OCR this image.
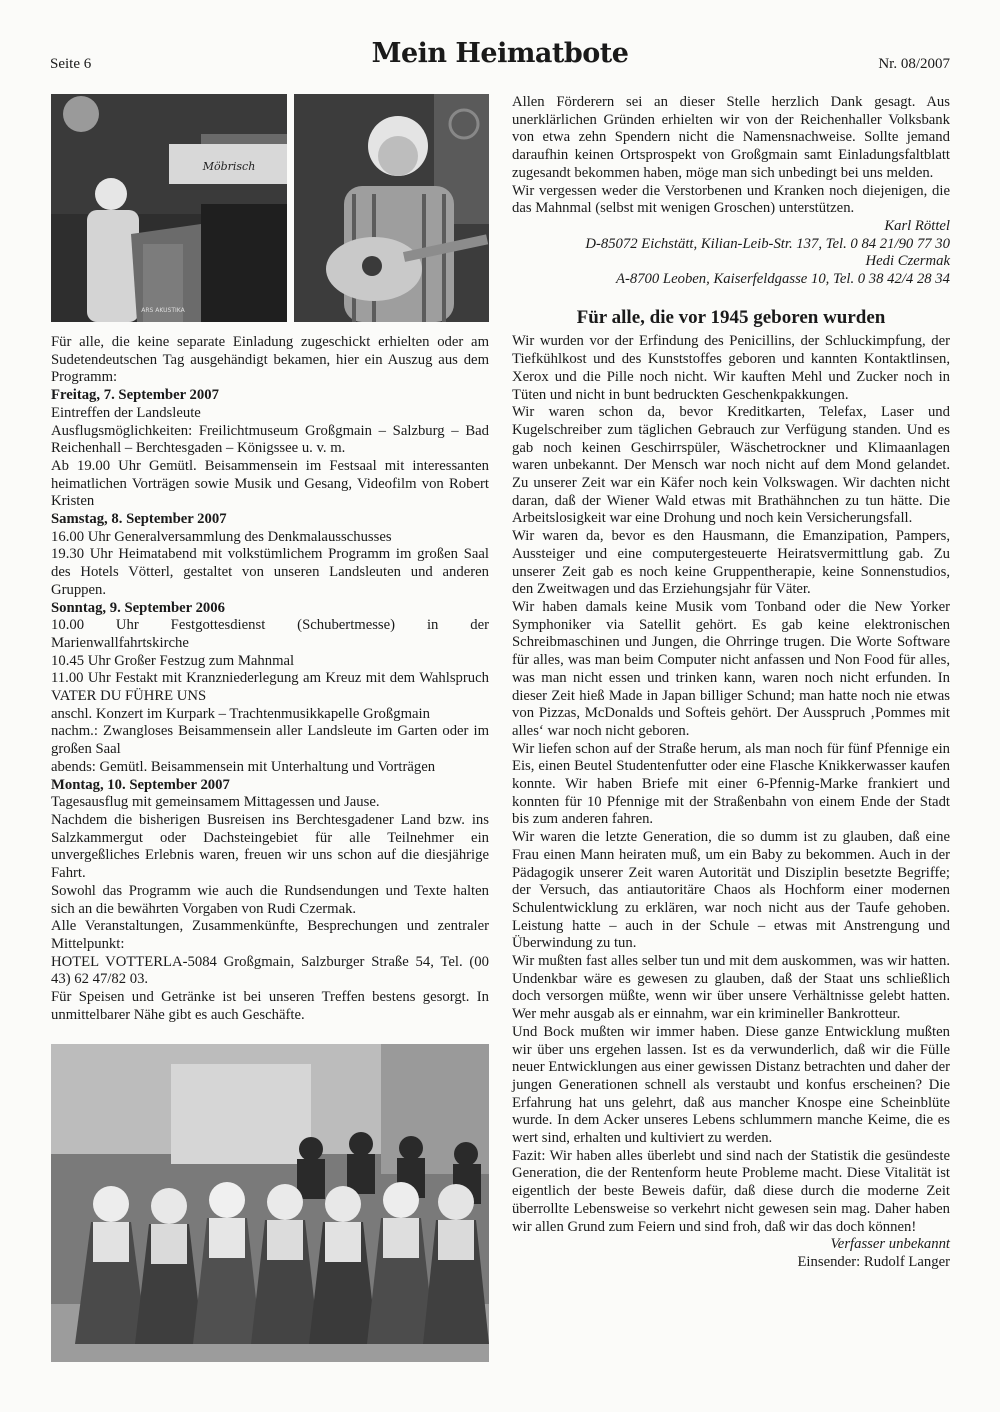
Seite 6	Mein Heimatbote	Nr. 08/2007
Möbrisch
ARS AKUSTIKA

Für alle, die keine separate Einladung zugeschickt erhielten oder am Sudetendeutschen Tag ausgehändigt bekamen, hier ein Auszug aus dem Programm:

Freitag, 7. September 2007

Eintreffen der Landsleute

Ausflugsmöglichkeiten: Freilichtmuseum Großgmain – Salzburg – Bad Reichenhall – Berchtesgaden – Königssee u. v. m.

Ab 19.00 Uhr Gemütl. Beisammensein im Festsaal mit interessanten heimatlichen Vorträgen sowie Musik und Gesang, Videofilm von Robert Kristen

Samstag, 8. September 2007

16.00 Uhr Generalversammlung des Denkmalausschusses

19.30 Uhr Heimatabend mit volkstümlichem Programm im großen Saal des Hotels Vötterl, gestaltet von unseren Landsleuten und anderen Gruppen.

Sonntag, 9. September 2006

10.00 Uhr Festgottesdienst (Schubertmesse) in der Marienwallfahrtskirche

10.45 Uhr Großer Festzug zum Mahnmal

11.00 Uhr Festakt mit Kranzniederlegung am Kreuz mit dem Wahlspruch VATER DU FÜHRE UNS

anschl. Konzert im Kurpark – Trachtenmusikkapelle Großgmain

nachm.: Zwangloses Beisammensein aller Landsleute im Garten oder im großen Saal

abends: Gemütl. Beisammensein mit Unterhaltung und Vorträgen

Montag, 10. September 2007

Tagesausflug mit gemeinsamem Mittagessen und Jause.

Nachdem die bisherigen Busreisen ins Berchtesgadener Land bzw. ins Salzkammergut oder Dachsteingebiet für alle Teilnehmer ein unvergeßliches Erlebnis waren, freuen wir uns schon auf die diesjährige Fahrt.

Sowohl das Programm wie auch die Rundsendungen und Texte halten sich an die bewährten Vorgaben von Rudi Czermak.

Alle Veranstaltungen, Zusammenkünfte, Besprechungen und zentraler Mittelpunkt:

HOTEL VOTTERLA-5084 Großgmain, Salzburger Straße 54, Tel. (00 43) 62 47/82 03.

Für Speisen und Getränke ist bei unseren Treffen bestens gesorgt. In unmittelbarer Nähe gibt es auch Geschäfte.

Allen Förderern sei an dieser Stelle herzlich Dank gesagt. Aus unerklärlichen Gründen erhielten wir von der Reichenhaller Volksbank von etwa zehn Spendern nicht die Namensnachweise. Sollte jemand daraufhin keinen Ortsprospekt von Großgmain samt Einladungsfaltblatt zugesandt bekommen haben, möge man sich unbedingt bei uns melden.

Wir vergessen weder die Verstorbenen und Kranken noch diejenigen, die das Mahnmal (selbst mit wenigen Groschen) unterstützen.

Karl Röttel

D-85072 Eichstätt, Kilian-Leib-Str. 137, Tel. 0 84 21/90 77 30

Hedi Czermak

A-8700 Leoben, Kaiserfeldgasse 10, Tel. 0 38 42/4 28 34

Für alle, die vor 1945 geboren wurden

Wir wurden vor der Erfindung des Penicillins, der Schluckimpfung, der Tiefkühlkost und des Kunststoffes geboren und kannten Kontaktlinsen, Xerox und die Pille noch nicht. Wir kauften Mehl und Zucker noch in Tüten und nicht in bunt bedruckten Geschenkpakkungen.

Wir waren schon da, bevor Kreditkarten, Telefax, Laser und Kugelschreiber zum täglichen Gebrauch zur Verfügung standen. Und es gab noch keinen Geschirrspüler, Wäschetrockner und Klimaanlagen waren unbekannt. Der Mensch war noch nicht auf dem Mond gelandet. Zu unserer Zeit war ein Käfer noch kein Volkswagen. Wir dachten nicht daran, daß der Wiener Wald etwas mit Brathähnchen zu tun hätte. Die Arbeitslosigkeit war eine Drohung und noch kein Versicherungsfall.

Wir waren da, bevor es den Hausmann, die Emanzipation, Pampers, Aussteiger und eine computergesteuerte Heiratsvermittlung gab. Zu unserer Zeit gab es noch keine Gruppentherapie, keine Sonnenstudios, den Zweitwagen und das Erziehungsjahr für Väter.

Wir haben damals keine Musik vom Tonband oder die New Yorker Symphoniker via Satellit gehört. Es gab keine elektronischen Schreibmaschinen und Jungen, die Ohrringe trugen. Die Worte Software für alles, was man beim Computer nicht anfassen und Non Food für alles, was man nicht essen und trinken kann, waren noch nicht erfunden. In dieser Zeit hieß Made in Japan billiger Schund; man hatte noch nie etwas von Pizzas, McDonalds und Softeis gehört. Der Ausspruch ‚Pommes mit alles‘ war noch nicht geboren.

Wir liefen schon auf der Straße herum, als man noch für fünf Pfennige ein Eis, einen Beutel Studentenfutter oder eine Flasche Knikkerwasser kaufen konnte. Wir haben Briefe mit einer 6-Pfennig-Marke frankiert und konnten für 10 Pfennige mit der Straßenbahn von einem Ende der Stadt bis zum anderen fahren.

Wir waren die letzte Generation, die so dumm ist zu glauben, daß eine Frau einen Mann heiraten muß, um ein Baby zu bekommen. Auch in der Pädagogik unserer Zeit waren Autorität und Disziplin besetzte Begriffe; der Versuch, das antiautoritäre Chaos als Hochform einer modernen Schulentwicklung zu erklären, war noch nicht aus der Taufe gehoben. Leistung hatte – auch in der Schule – etwas mit Anstrengung und Überwindung zu tun.

Wir mußten fast alles selber tun und mit dem auskommen, was wir hatten. Undenkbar wäre es gewesen zu glauben, daß der Staat uns schließlich doch versorgen müßte, wenn wir über unsere Verhältnisse gelebt hatten. Wer mehr ausgab als er einnahm, war ein krimineller Bankrotteur.

Und Bock mußten wir immer haben. Diese ganze Entwicklung mußten wir über uns ergehen lassen. Ist es da verwunderlich, daß wir die Fülle neuer Entwicklungen aus einer gewissen Distanz betrachten und daher der jungen Generationen schnell als verstaubt und konfus erscheinen? Die Erfahrung hat uns gelehrt, daß aus mancher Knospe eine Scheinblüte wurde. In dem Acker unseres Lebens schlummern manche Keime, die es wert sind, erhalten und kultiviert zu werden.

Fazit: Wir haben alles überlebt und sind nach der Statistik die gesündeste Generation, die der Rentenform heute Probleme macht. Diese Vitalität ist eigentlich der beste Beweis dafür, daß diese durch die moderne Zeit überrollte Lebensweise so verkehrt nicht gewesen sein mag. Daher haben wir allen Grund zum Feiern und sind froh, daß wir das doch können!

Verfasser unbekannt

Einsender: Rudolf Langer
